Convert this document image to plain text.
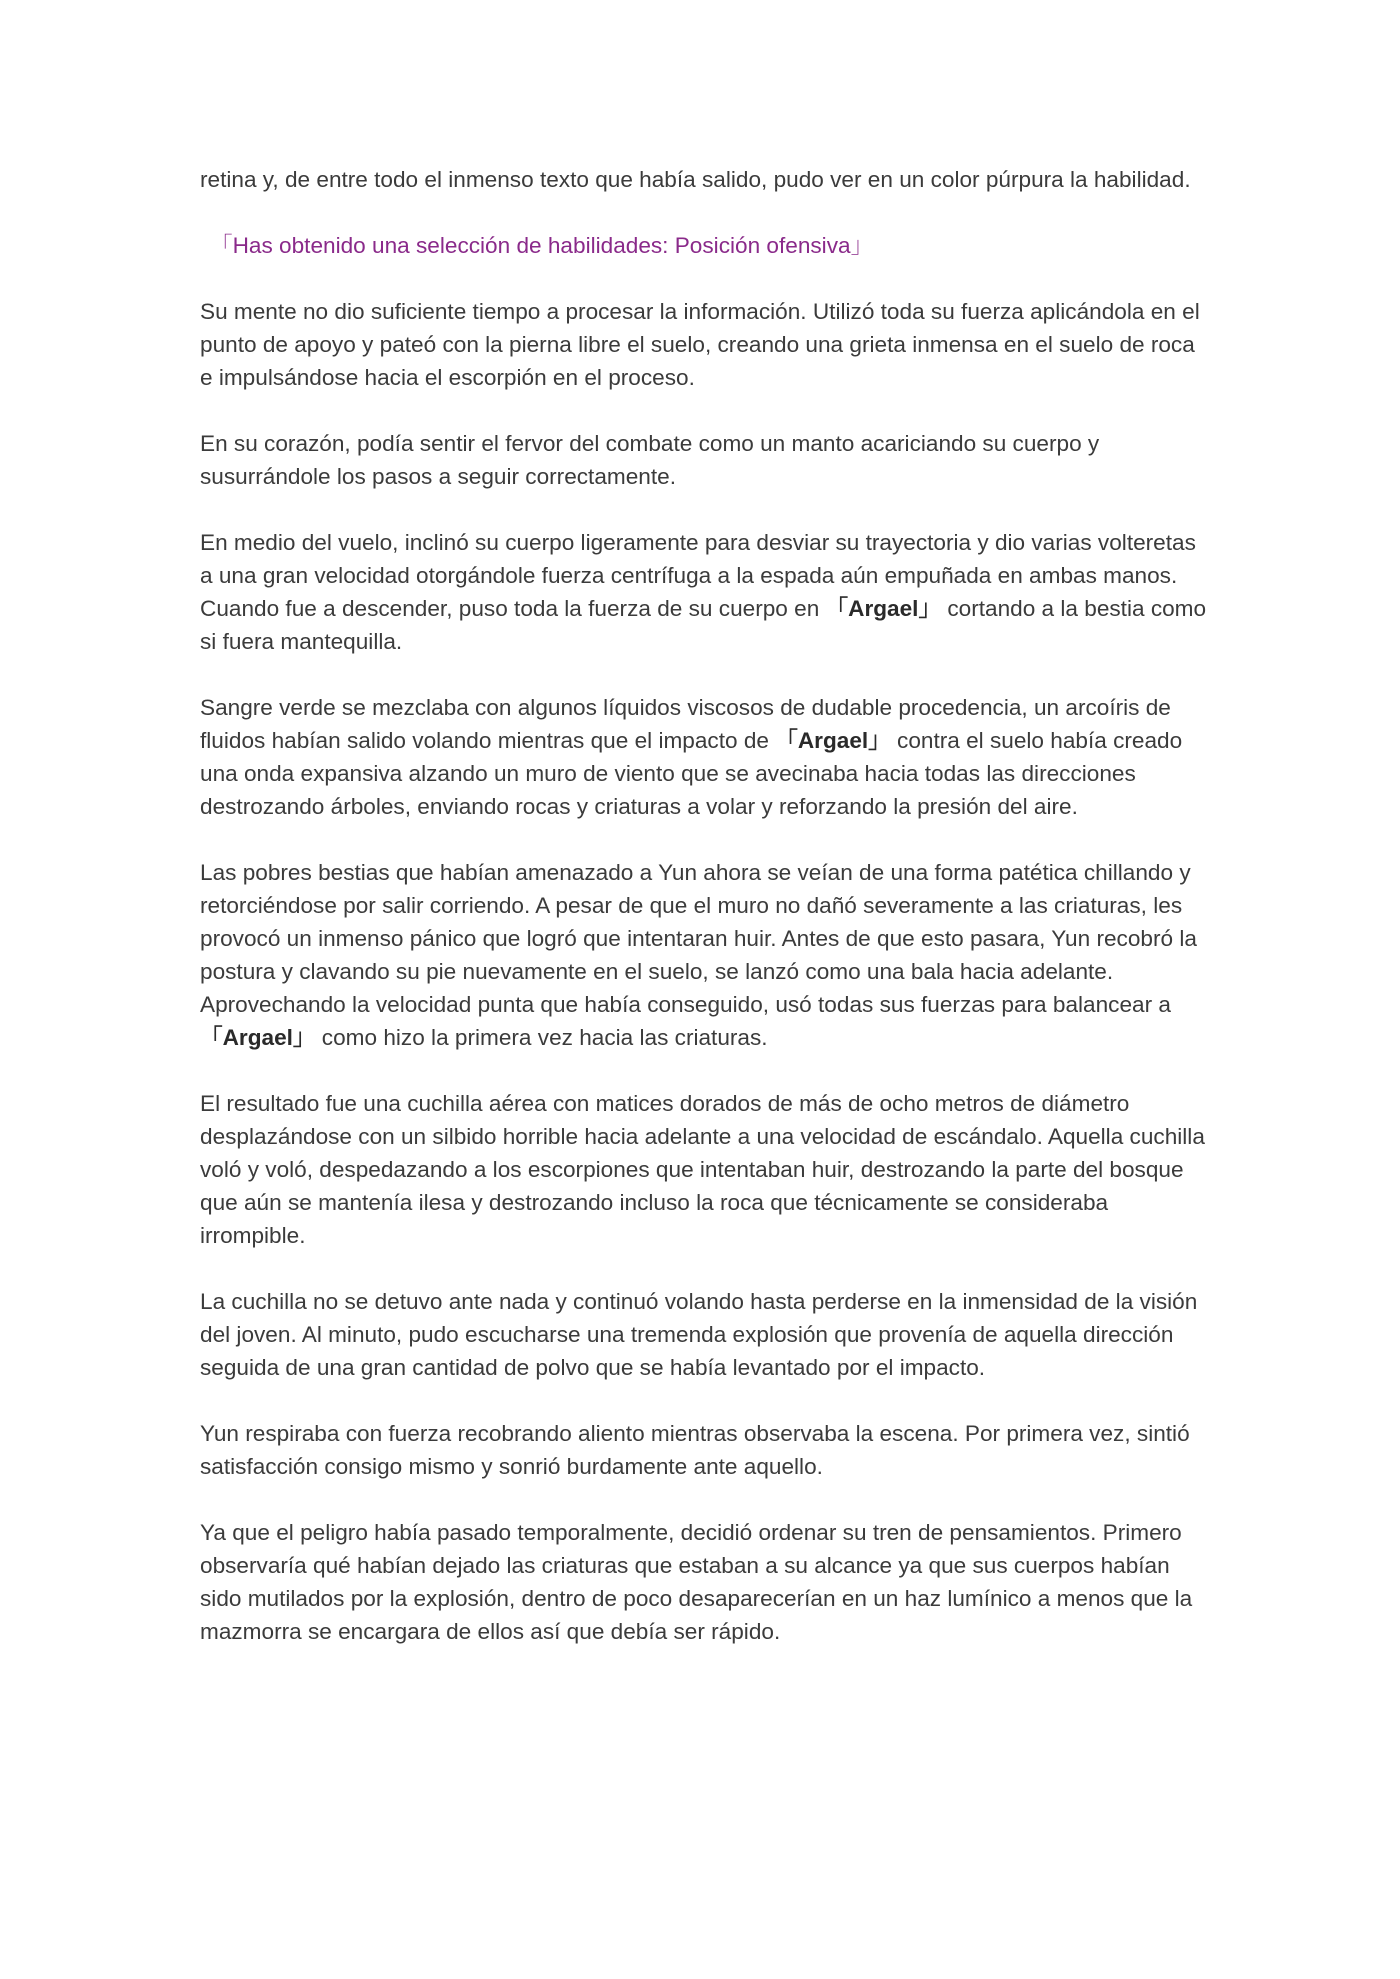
retina y, de entre todo el inmenso texto que había salido, pudo ver en un color púrpura la habilidad.

「Has obtenido una selección de habilidades: Posición ofensiva」

Su mente no dio suficiente tiempo a procesar la información. Utilizó toda su fuerza aplicándola en el punto de apoyo y pateó con la pierna libre el suelo, creando una grieta inmensa en el suelo de roca e impulsándose hacia el escorpión en el proceso.

En su corazón, podía sentir el fervor del combate como un manto acariciando su cuerpo y susurrándole los pasos a seguir correctamente.

En medio del vuelo, inclinó su cuerpo ligeramente para desviar su trayectoria y dio varias volteretas a una gran velocidad otorgándole fuerza centrífuga a la espada aún empuñada en ambas manos. Cuando fue a descender, puso toda la fuerza de su cuerpo en 「Argael」 cortando a la bestia como si fuera mantequilla.

Sangre verde se mezclaba con algunos líquidos viscosos de dudable procedencia, un arcoíris de fluidos habían salido volando mientras que el impacto de 「Argael」 contra el suelo había creado una onda expansiva alzando un muro de viento que se avecinaba hacia todas las direcciones destrozando árboles, enviando rocas y criaturas a volar y reforzando la presión del aire.

Las pobres bestias que habían amenazado a Yun ahora se veían de una forma patética chillando y retorciéndose por salir corriendo. A pesar de que el muro no dañó severamente a las criaturas, les provocó un inmenso pánico que logró que intentaran huir. Antes de que esto pasara, Yun recobró la postura y clavando su pie nuevamente en el suelo, se lanzó como una bala hacia adelante. Aprovechando la velocidad punta que había conseguido, usó todas sus fuerzas para balancear a 「Argael」 como hizo la primera vez hacia las criaturas.

El resultado fue una cuchilla aérea con matices dorados de más de ocho metros de diámetro desplazándose con un silbido horrible hacia adelante a una velocidad de escándalo. Aquella cuchilla voló y voló, despedazando a los escorpiones que intentaban huir, destrozando la parte del bosque que aún se mantenía ilesa y destrozando incluso la roca que técnicamente se consideraba irrompible.

La cuchilla no se detuvo ante nada y continuó volando hasta perderse en la inmensidad de la visión del joven. Al minuto, pudo escucharse una tremenda explosión que provenía de aquella dirección seguida de una gran cantidad de polvo que se había levantado por el impacto.

Yun respiraba con fuerza recobrando aliento mientras observaba la escena. Por primera vez, sintió satisfacción consigo mismo y sonrió burdamente ante aquello.

Ya que el peligro había pasado temporalmente, decidió ordenar su tren de pensamientos. Primero observaría qué habían dejado las criaturas que estaban a su alcance ya que sus cuerpos habían sido mutilados por la explosión, dentro de poco desaparecerían en un haz lumínico a menos que la mazmorra se encargara de ellos así que debía ser rápido.
